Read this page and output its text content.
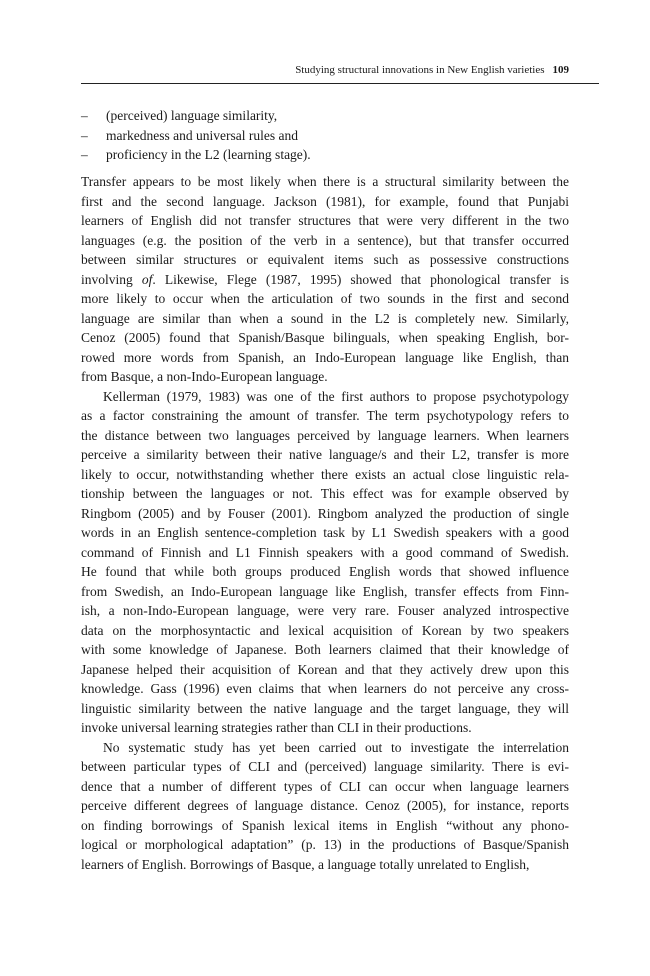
Studying structural innovations in New English varieties 109
– (perceived) language similarity,
– markedness and universal rules and
– proficiency in the L2 (learning stage).

Transfer appears to be most likely when there is a structural similarity between the
first and the second language. Jackson (1981), for example, found that Punjabi
learners of English did not transfer structures that were very different in the two
languages (e.g. the position of the verb in a sentence), but that transfer occurred
between similar structures or equivalent items such as possessive constructions
involving of. Likewise, Flege (1987, 1995) showed that phonological transfer is
more likely to occur when the articulation of two sounds in the first and second
language are similar than when a sound in the L2 is completely new. Similarly,
Cenoz (2005) found that Spanish/Basque bilinguals, when speaking English, bor-
rowed more words from Spanish, an Indo-European language like English, than
from Basque, a non-Indo-European language.

Kellerman (1979, 1983) was one of the first authors to propose psychotypology
as a factor constraining the amount of transfer. The term psychotypology refers to
the distance between two languages perceived by language learners. When learners
perceive a similarity between their native language/s and their L2, transfer is more
likely to occur, notwithstanding whether there exists an actual close linguistic rela-
tionship between the languages or not. This effect was for example observed by
Ringbom (2005) and by Fouser (2001). Ringbom analyzed the production of single
words in an English sentence-completion task by L1 Swedish speakers with a good
command of Finnish and L1 Finnish speakers with a good command of Swedish.
He found that while both groups produced English words that showed influence
from Swedish, an Indo-European language like English, transfer effects from Finn-
ish, a non-Indo-European language, were very rare. Fouser analyzed introspective
data on the morphosyntactic and lexical acquisition of Korean by two speakers
with some knowledge of Japanese. Both learners claimed that their knowledge of
Japanese helped their acquisition of Korean and that they actively drew upon this
knowledge. Gass (1996) even claims that when learners do not perceive any cross-
linguistic similarity between the native language and the target language, they will
invoke universal learning strategies rather than CLI in their productions.

No systematic study has yet been carried out to investigate the interrelation
between particular types of CLI and (perceived) language similarity. There is evi-
dence that a number of different types of CLI can occur when language learners
perceive different degrees of language distance. Cenoz (2005), for instance, reports
on finding borrowings of Spanish lexical items in English “without any phono-
logical or morphological adaptation” (p. 13) in the productions of Basque/Spanish
learners of English. Borrowings of Basque, a language totally unrelated to English,
